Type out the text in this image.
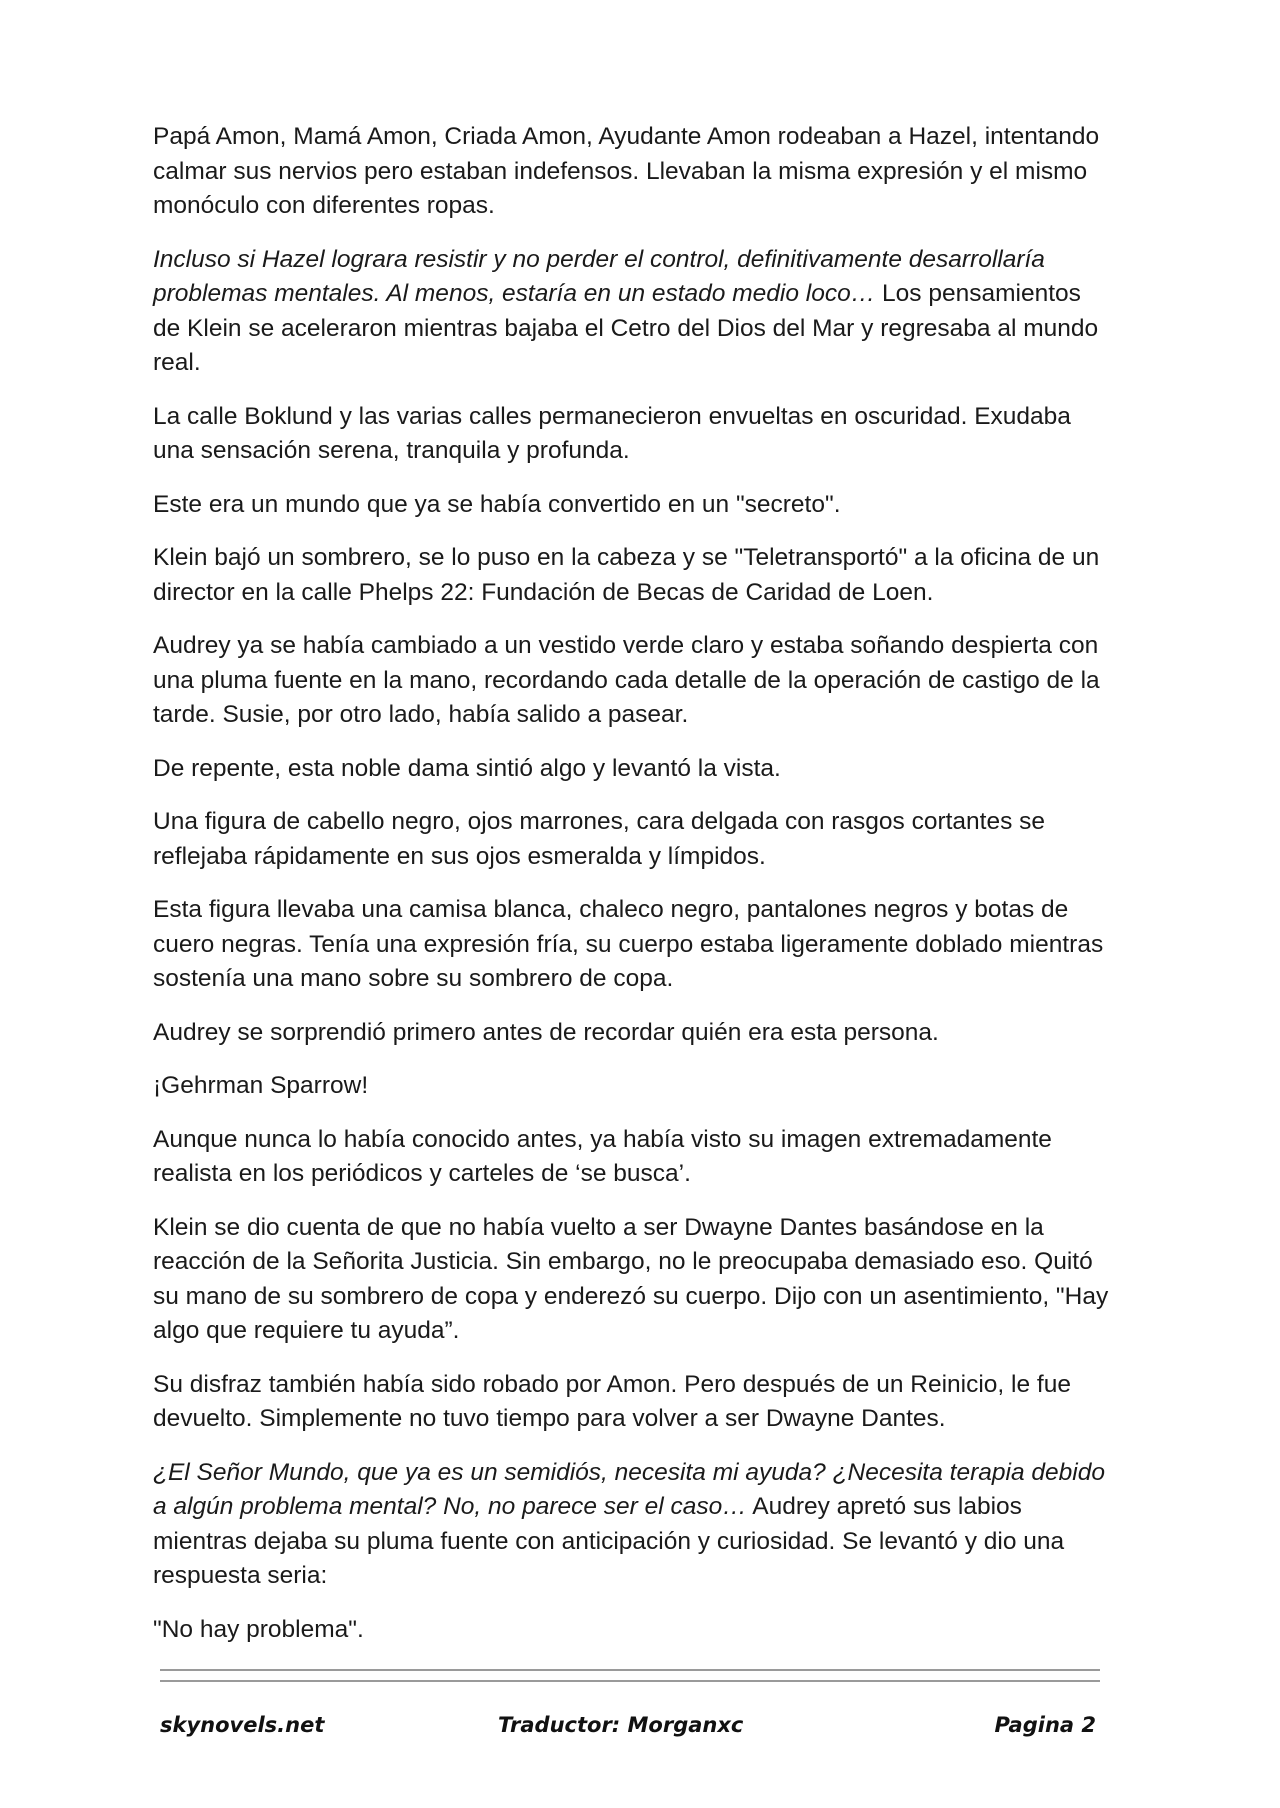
Papá Amon, Mamá Amon, Criada Amon, Ayudante Amon rodeaban a Hazel, intentando calmar sus nervios pero estaban indefensos. Llevaban la misma expresión y el mismo monóculo con diferentes ropas.

Incluso si Hazel lograra resistir y no perder el control, definitivamente desarrollaría problemas mentales. Al menos, estaría en un estado medio loco… Los pensamientos de Klein se aceleraron mientras bajaba el Cetro del Dios del Mar y regresaba al mundo real.

La calle Boklund y las varias calles permanecieron envueltas en oscuridad. Exudaba una sensación serena, tranquila y profunda.

Este era un mundo que ya se había convertido en un "secreto".

Klein bajó un sombrero, se lo puso en la cabeza y se "Teletransportó" a la oficina de un director en la calle Phelps 22: Fundación de Becas de Caridad de Loen.

Audrey ya se había cambiado a un vestido verde claro y estaba soñando despierta con una pluma fuente en la mano, recordando cada detalle de la operación de castigo de la tarde. Susie, por otro lado, había salido a pasear.

De repente, esta noble dama sintió algo y levantó la vista.

Una figura de cabello negro, ojos marrones, cara delgada con rasgos cortantes se reflejaba rápidamente en sus ojos esmeralda y límpidos.

Esta figura llevaba una camisa blanca, chaleco negro, pantalones negros y botas de cuero negras. Tenía una expresión fría, su cuerpo estaba ligeramente doblado mientras sostenía una mano sobre su sombrero de copa.

Audrey se sorprendió primero antes de recordar quién era esta persona.

¡Gehrman Sparrow!

Aunque nunca lo había conocido antes, ya había visto su imagen extremadamente realista en los periódicos y carteles de ‘se busca’.

Klein se dio cuenta de que no había vuelto a ser Dwayne Dantes basándose en la reacción de la Señorita Justicia. Sin embargo, no le preocupaba demasiado eso. Quitó su mano de su sombrero de copa y enderezó su cuerpo. Dijo con un asentimiento, "Hay algo que requiere tu ayuda”.

Su disfraz también había sido robado por Amon. Pero después de un Reinicio, le fue devuelto. Simplemente no tuvo tiempo para volver a ser Dwayne Dantes.

¿El Señor Mundo, que ya es un semidiós, necesita mi ayuda? ¿Necesita terapia debido a algún problema mental? No, no parece ser el caso… Audrey apretó sus labios mientras dejaba su pluma fuente con anticipación y curiosidad. Se levantó y dio una respuesta seria:

"No hay problema".

skynovels.net	Traductor: Morganxc	Pagina 2
